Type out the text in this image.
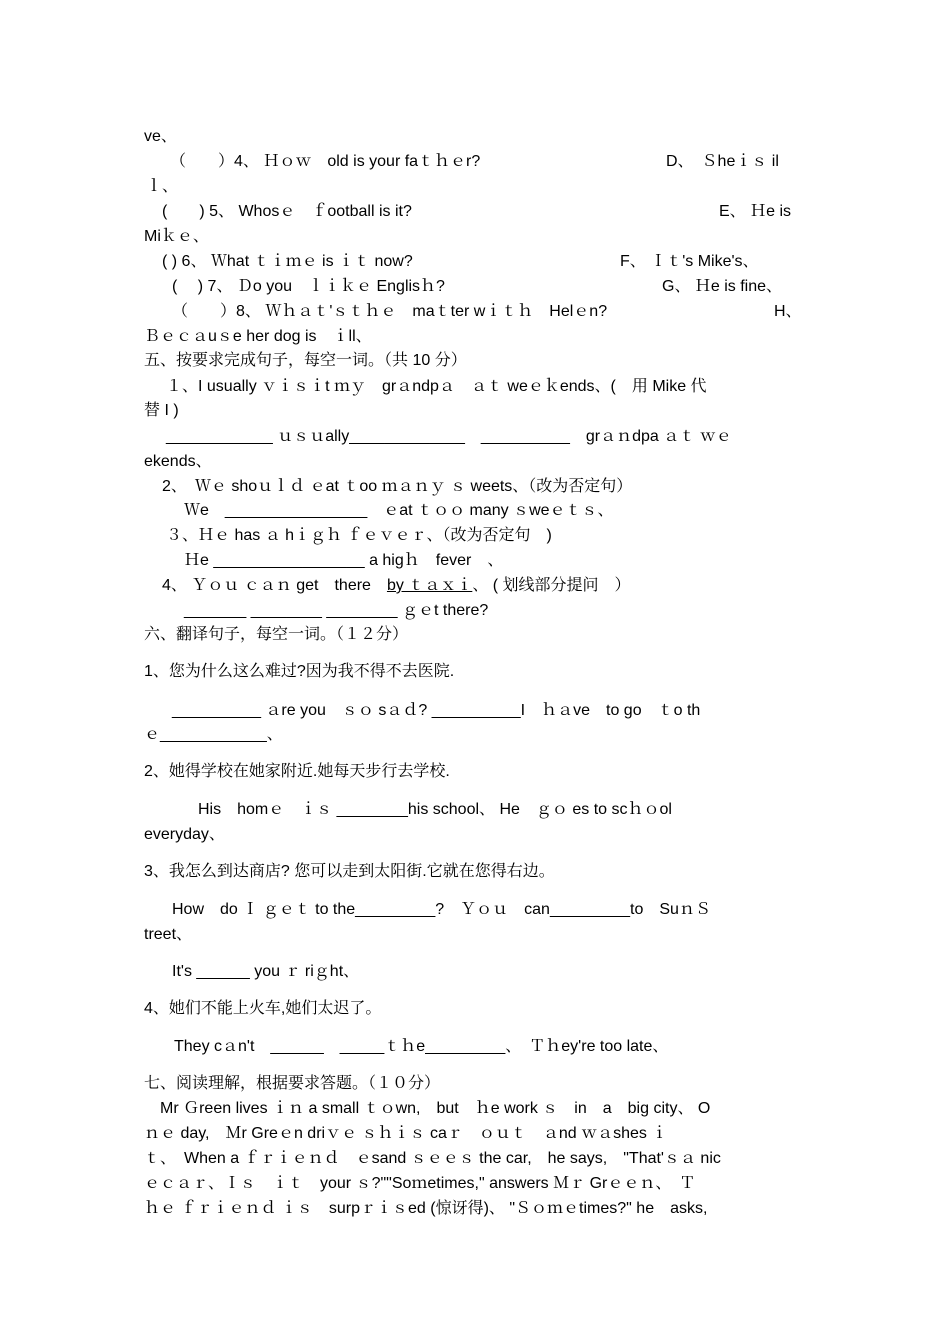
ve、
（　　）4、 Ｈｏｗ　old is your faｔｈｅr?	D、　Ｓheｉｓ il
ｌ、
(　　) 5、 Whosｅ　ｆootball is it?	E、 Ｈe is
Miｋｅ、
( ) 6、 Ｗhat ｔｉｍｅ is ｉｔ now?	F、 Ｉｔ's Mike's、
(　 ) 7、 Ｄo you　ｌｉｋｅ Englisｈ?	G、 Ｈe is fine、
（　　）8、 Ｗｈａｔ'ｓｔｈｅ　maｔter wｉｔｈ　Helｅn?	H、
Ｂｅｃａuｓe her dog is　ｉll、
五、按要求完成句子，每空一词。（共 10 分）
１、I usually ｖｉｓｉt ｍｙ　grａndpａ　ａｔ weｅｋends、(　用 Mike 代
替 I )
____________ ｕｓｕally_____________　__________　grａｎdpa ａｔ ｗｅ
ekends、
2、　Ｗｅ shoｕｌｄ ｅat ｔoo ｍａｎｙ ｓ weets、（改为否定句）
Ｗe　________________　ｅat ｔｏｏ many ｓweｅｔｓ、
３、Ｈｅ has ａ hｉｇｈ ｆｅｖｅｒ、（改为否定句　)
Ｈe _________________ a higｈ　fever　、
4、 Ｙｏｕ ｃａｎ get　there　by ｔａｘｉ、 ( 划线部分提问　）
_______ ________ ________ ｇｅt there?
六、翻译句子，每空一词。（１２分）
1、您为什么这么难过?因为我不得不去医院.
__________ ａre you　ｓｏ sａｄ? __________I　ｈａve　to go　ｔo th
ｅ____________、
2、她得学校在她家附近.她每天步行去学校.
His　homｅ　ｉｓ ________his school、 He　ｇｏ es to scｈｏol
everyday、
3、我怎么到达商店? 您可以走到太阳街.它就在您得右边。
How　do Ｉ ｇｅｔ to the_________?　Ｙｏｕ　can_________to　SuｎＳ
treet、
It's ______ you ｒ riｇht、
4、她们不能上火车,她们太迟了。
They cａn't　______　_____ｔｈe_________、　Ｔｈey're too late、
七、阅读理解，根据要求答题。（１０分）
Mr Ｇreen lives ｉｎ a small ｔｏwn,　but　ｈe work ｓ　in　a　big city、 O
ｎｅ day,　Ｍr Greｅn driｖｅ ｓｈｉｓ caｒ　ｏｕｔ　ａnd ｗａshes ｉ
ｔ、　When a ｆｒｉｅｎｄ　ｅsand ｓｅｅｓ the car,　he says,　"That'ｓａ nic
ｅｃａｒ、Ｉｓ　ｉｔ　your ｓ?""Soｍetimes," answers Ｍｒ Grｅｅｎ、　Ｔ
ｈｅ ｆｒｉｅｎｄ ｉｓ　surpｒｉｓed (惊讶得)、 "Ｓｏｍｅtimes?" he　asks,
